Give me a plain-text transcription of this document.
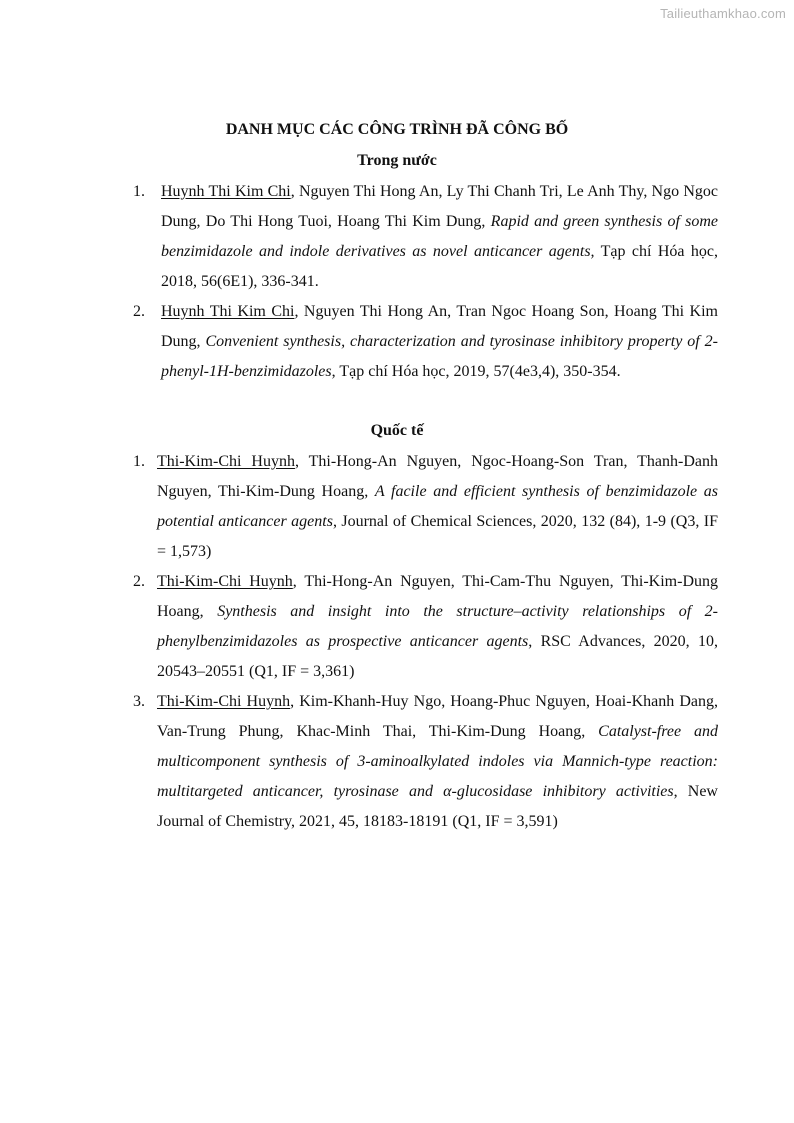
Tailieuthamkhao.com
DANH MỤC CÁC CÔNG TRÌNH ĐÃ CÔNG BỐ
Trong nước
1. Huynh Thi Kim Chi, Nguyen Thi Hong An, Ly Thi Chanh Tri, Le Anh Thy, Ngo Ngoc Dung, Do Thi Hong Tuoi, Hoang Thi Kim Dung, Rapid and green synthesis of some benzimidazole and indole derivatives as novel anticancer agents, Tạp chí Hóa học, 2018, 56(6E1), 336-341.
2. Huynh Thi Kim Chi, Nguyen Thi Hong An, Tran Ngoc Hoang Son, Hoang Thi Kim Dung, Convenient synthesis, characterization and tyrosinase inhibitory property of 2-phenyl-1H-benzimidazoles, Tạp chí Hóa học, 2019, 57(4e3,4), 350-354.
Quốc tế
1. Thi-Kim-Chi Huynh, Thi-Hong-An Nguyen, Ngoc-Hoang-Son Tran, Thanh-Danh Nguyen, Thi-Kim-Dung Hoang, A facile and efficient synthesis of benzimidazole as potential anticancer agents, Journal of Chemical Sciences, 2020, 132 (84), 1-9 (Q3, IF = 1,573)
2. Thi-Kim-Chi Huynh, Thi-Hong-An Nguyen, Thi-Cam-Thu Nguyen, Thi-Kim-Dung Hoang, Synthesis and insight into the structure–activity relationships of 2-phenylbenzimidazoles as prospective anticancer agents, RSC Advances, 2020, 10, 20543–20551 (Q1, IF = 3,361)
3. Thi-Kim-Chi Huynh, Kim-Khanh-Huy Ngo, Hoang-Phuc Nguyen, Hoai-Khanh Dang, Van-Trung Phung, Khac-Minh Thai, Thi-Kim-Dung Hoang, Catalyst-free and multicomponent synthesis of 3-aminoalkylated indoles via Mannich-type reaction: multitargeted anticancer, tyrosinase and α-glucosidase inhibitory activities, New Journal of Chemistry, 2021, 45, 18183-18191 (Q1, IF = 3,591)
